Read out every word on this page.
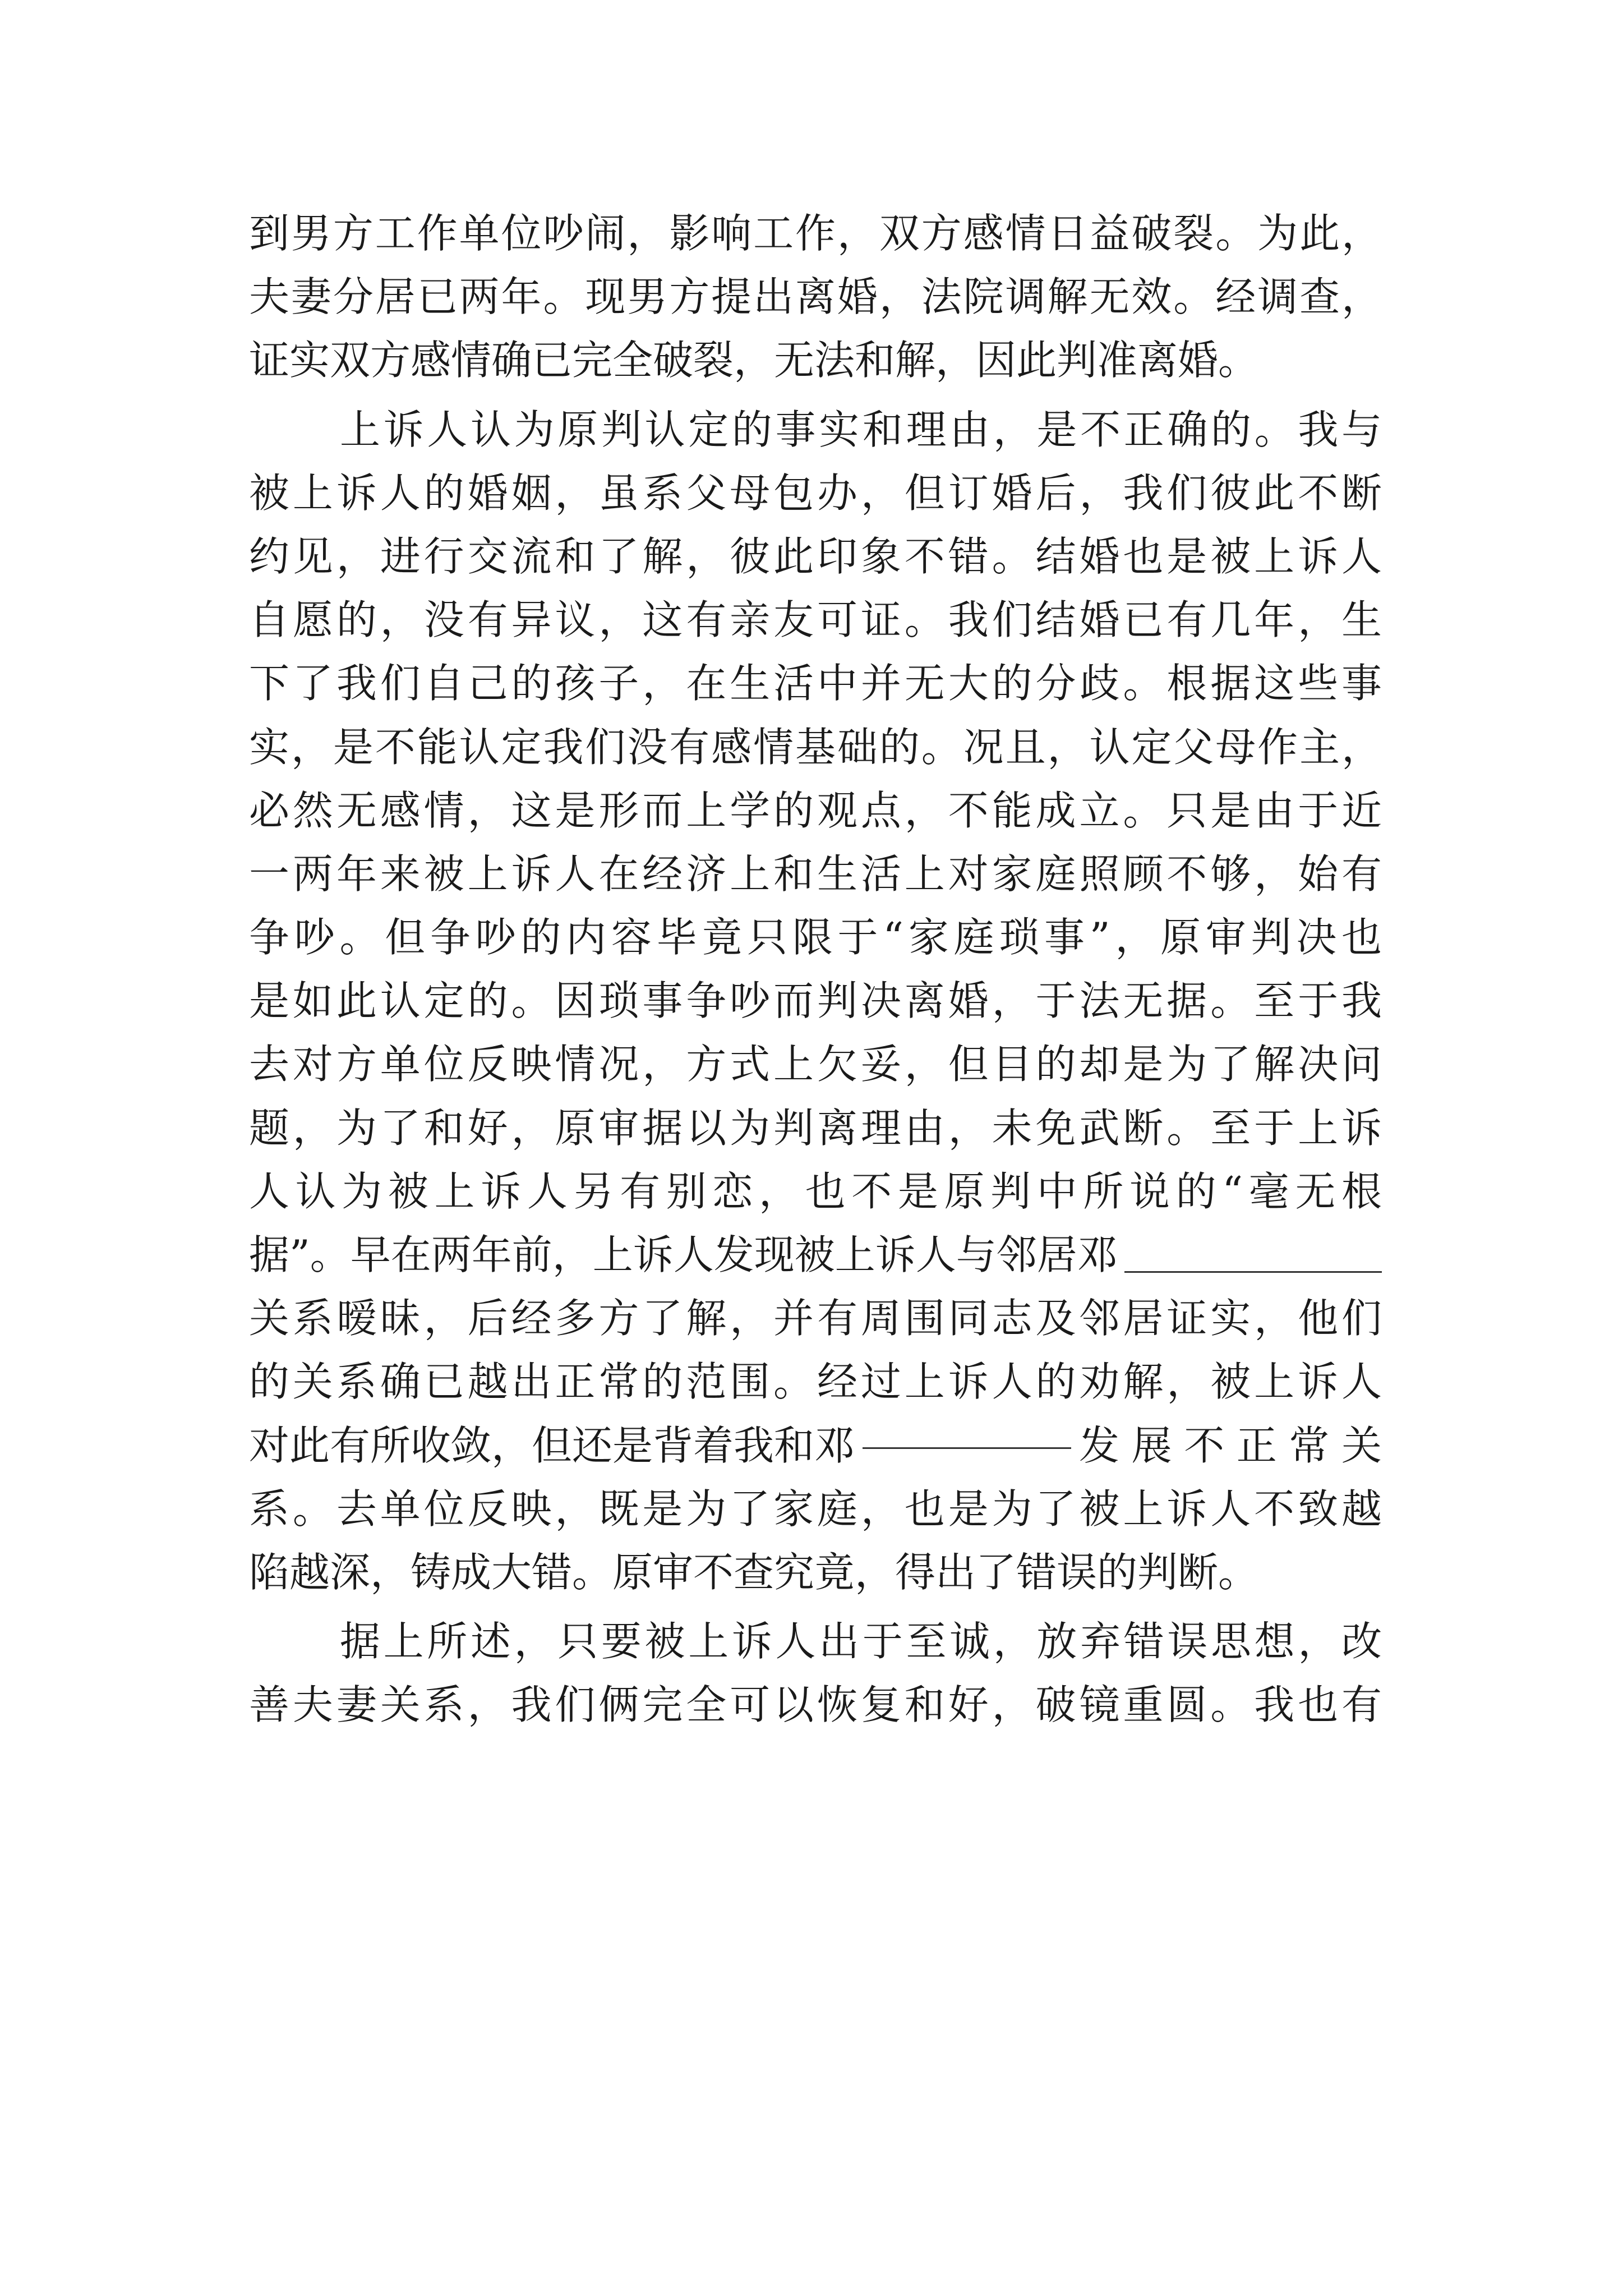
到男方工作单位吵闹，影响工作，双方感情日益破裂。为此，
夫妻分居已两年。现男方提出离婚，法院调解无效。经调查，
证实双方感情确已完全破裂，无法和解，因此判准离婚。
上诉人认为原判认定的事实和理由，是不正确的。我与
被上诉人的婚姻，虽系父母包办，但订婚后，我们彼此不断
约见，进行交流和了解，彼此印象不错。结婚也是被上诉人
自愿的，没有异议，这有亲友可证。我们结婚已有几年，生
下了我们自己的孩子，在生活中并无大的分歧。根据这些事
实，是不能认定我们没有感情基础的。况且，认定父母作主，
必然无感情，这是形而上学的观点，不能成立。只是由于近
一两年来被上诉人在经济上和生活上对家庭照顾不够，始有
争吵。但争吵的内容毕竟只限于“家庭琐事”，原审判决也
是如此认定的。因琐事争吵而判决离婚，于法无据。至于我
去对方单位反映情况，方式上欠妥，但目的却是为了解决问
题，为了和好，原审据以为判离理由，未免武断。至于上诉
人认为被上诉人另有别恋，也不是原判中所说的“毫无根
据”。早在两年前，上诉人发现被上诉人与邻居邓
关系暧昧，后经多方了解，并有周围同志及邻居证实，他们
的关系确已越出正常的范围。经过上诉人的劝解，被上诉人
对此有所收敛，但还是背着我和邓	发展不正常关
系。去单位反映，既是为了家庭，也是为了被上诉人不致越
陷越深，铸成大错。原审不查究竟，得出了错误的判断。
据上所述，只要被上诉人出于至诚，放弃错误思想，改
善夫妻关系，我们俩完全可以恢复和好，破镜重圆。我也有
